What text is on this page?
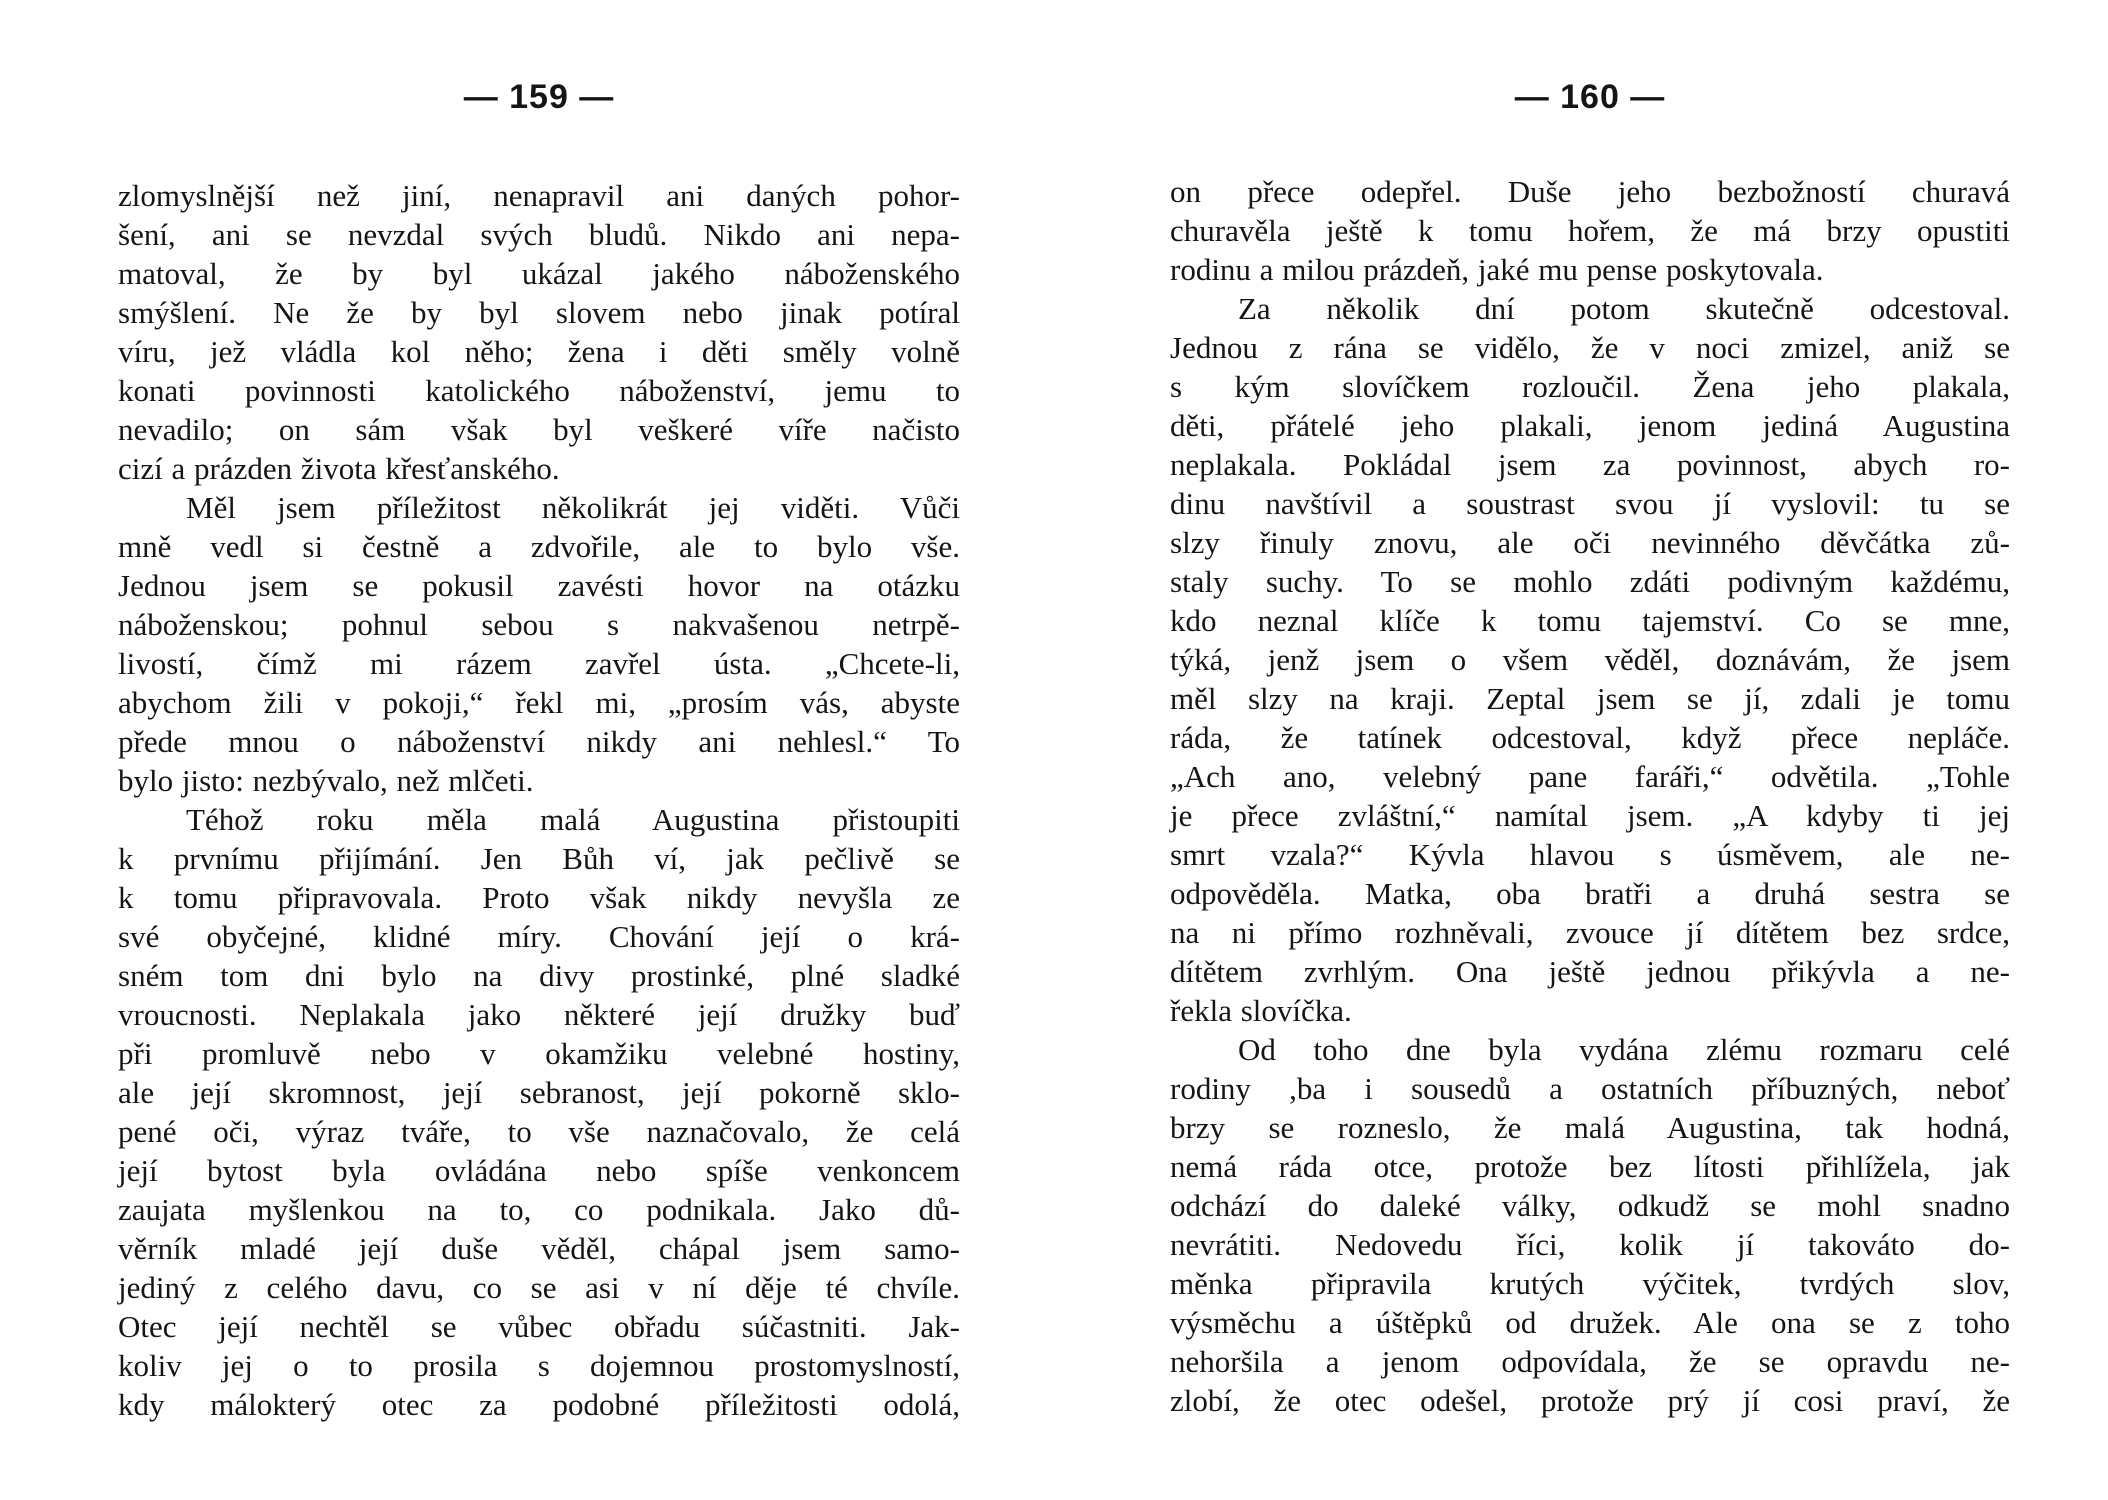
— 159 —
zlomyslnější než jiní, nenapravil ani daných pohor-
šení, ani se nevzdal svých bludů. Nikdo ani nepa-
matoval, že by byl ukázal jakého náboženského
smýšlení. Ne že by byl slovem nebo jinak potíral
víru, jež vládla kol něho; žena i děti směly volně
konati povinnosti katolického náboženství, jemu to
nevadilo; on sám však byl veškeré víře načisto
cizí a prázden života křesťanského.
Měl jsem příležitost několikrát jej viděti. Vůči
mně vedl si čestně a zdvořile, ale to bylo vše.
Jednou jsem se pokusil zavésti hovor na otázku
náboženskou; pohnul sebou s nakvašenou netrpě-
livostí, čímž mi rázem zavřel ústa. „Chcete-li,
abychom žili v pokoji,“ řekl mi, „prosím vás, abyste
přede mnou o náboženství nikdy ani nehlesl.“ To
bylo jisto: nezbývalo, než mlčeti.
Téhož roku měla malá Augustina přistoupiti
k prvnímu přijímání. Jen Bůh ví, jak pečlivě se
k tomu připravovala. Proto však nikdy nevyšla ze
své obyčejné, klidné míry. Chování její o krá-
sném tom dni bylo na divy prostinké, plné sladké
vroucnosti. Neplakala jako některé její družky buď
při promluvě nebo v okamžiku velebné hostiny,
ale její skromnost, její sebranost, její pokorně sklo-
pené oči, výraz tváře, to vše naznačovalo, že celá
její bytost byla ovládána nebo spíše venkoncem
zaujata myšlenkou na to, co podnikala. Jako dů-
věrník mladé její duše věděl, chápal jsem samo-
jediný z celého davu, co se asi v ní děje té chvíle.
Otec její nechtěl se vůbec obřadu súčastniti. Jak-
koliv jej o to prosila s dojemnou prostomyslností,
kdy málokterý otec za podobné příležitosti odolá,
— 160 —
on přece odepřel. Duše jeho bezbožností churavá
churavěla ještě k tomu hořem, že má brzy opustiti
rodinu a milou prázdeň, jaké mu pense poskytovala.
Za několik dní potom skutečně odcestoval.
Jednou z rána se vidělo, že v noci zmizel, aniž se
s kým slovíčkem rozloučil. Žena jeho plakala,
děti, přátelé jeho plakali, jenom jediná Augustina
neplakala. Pokládal jsem za povinnost, abych ro-
dinu navštívil a soustrast svou jí vyslovil: tu se
slzy řinuly znovu, ale oči nevinného děvčátka zů-
staly suchy. To se mohlo zdáti podivným každému,
kdo neznal klíče k tomu tajemství. Co se mne,
týká, jenž jsem o všem věděl, doznávám, že jsem
měl slzy na kraji. Zeptal jsem se jí, zdali je tomu
ráda, že tatínek odcestoval, když přece nepláče.
„Ach ano, velebný pane faráři,“ odvětila. „Tohle
je přece zvláštní,“ namítal jsem. „A kdyby ti jej
smrt vzala?“ Kývla hlavou s úsměvem, ale ne-
odpověděla. Matka, oba bratři a druhá sestra se
na ni přímo rozhněvali, zvouce jí dítětem bez srdce,
dítětem zvrhlým. Ona ještě jednou přikývla a ne-
řekla slovíčka.
Od toho dne byla vydána zlému rozmaru celé
rodiny ,ba i sousedů a ostatních příbuzných, neboť
brzy se rozneslo, že malá Augustina, tak hodná,
nemá ráda otce, protože bez lítosti přihlížela, jak
odchází do daleké války, odkudž se mohl snadno
nevrátiti. Nedovedu říci, kolik jí takováto do-
měnka připravila krutých výčitek, tvrdých slov,
výsměchu a úštěpků od družek. Ale ona se z toho
nehoršila a jenom odpovídala, že se opravdu ne-
zlobí, že otec odešel, protože prý jí cosi praví, že
